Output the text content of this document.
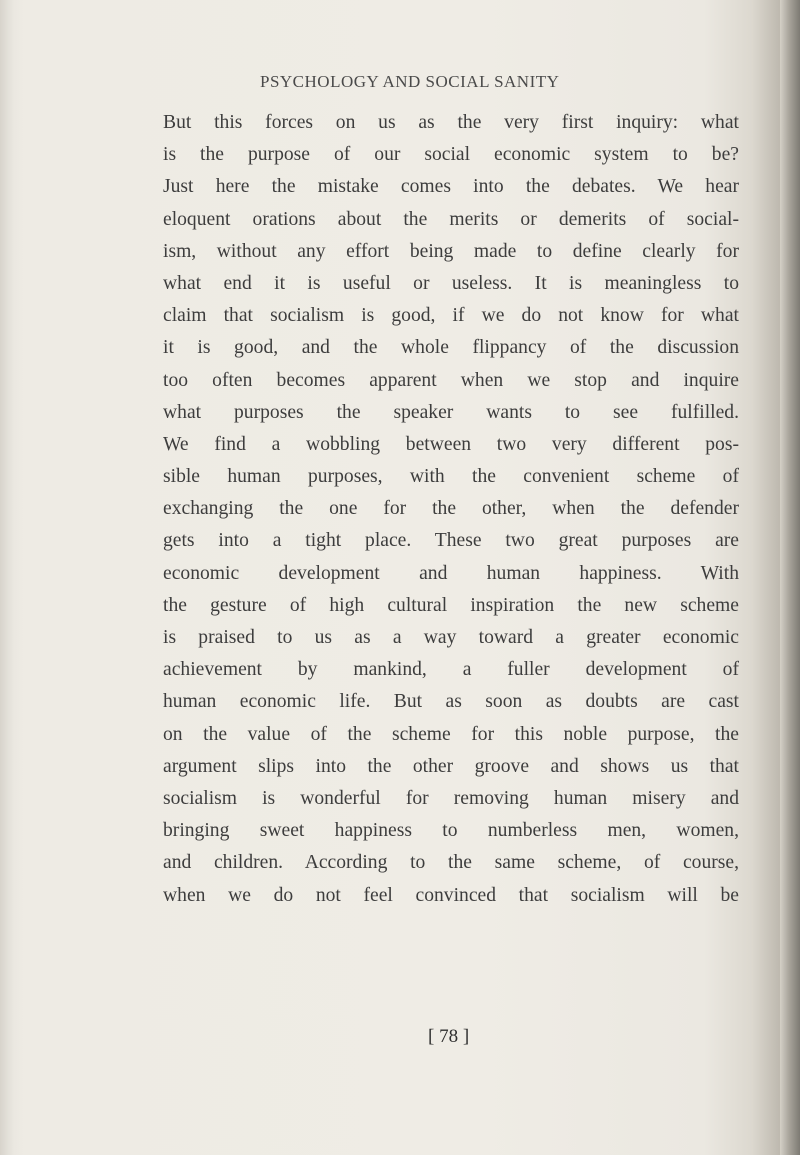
PSYCHOLOGY AND SOCIAL SANITY
But this forces on us as the very first inquiry: what
is the purpose of our social economic system to be?
Just here the mistake comes into the debates. We hear
eloquent orations about the merits or demerits of social-
ism, without any effort being made to define clearly for
what end it is useful or useless. It is meaningless to
claim that socialism is good, if we do not know for what
it is good, and the whole flippancy of the discussion
too often becomes apparent when we stop and inquire
what purposes the speaker wants to see fulfilled.
We find a wobbling between two very different pos-
sible human purposes, with the convenient scheme of
exchanging the one for the other, when the defender
gets into a tight place. These two great purposes are
economic development and human happiness. With
the gesture of high cultural inspiration the new scheme
is praised to us as a way toward a greater economic
achievement by mankind, a fuller development of
human economic life. But as soon as doubts are cast
on the value of the scheme for this noble purpose, the
argument slips into the other groove and shows us that
socialism is wonderful for removing human misery and
bringing sweet happiness to numberless men, women,
and children. According to the same scheme, of course,
when we do not feel convinced that socialism will be
[ 78 ]
